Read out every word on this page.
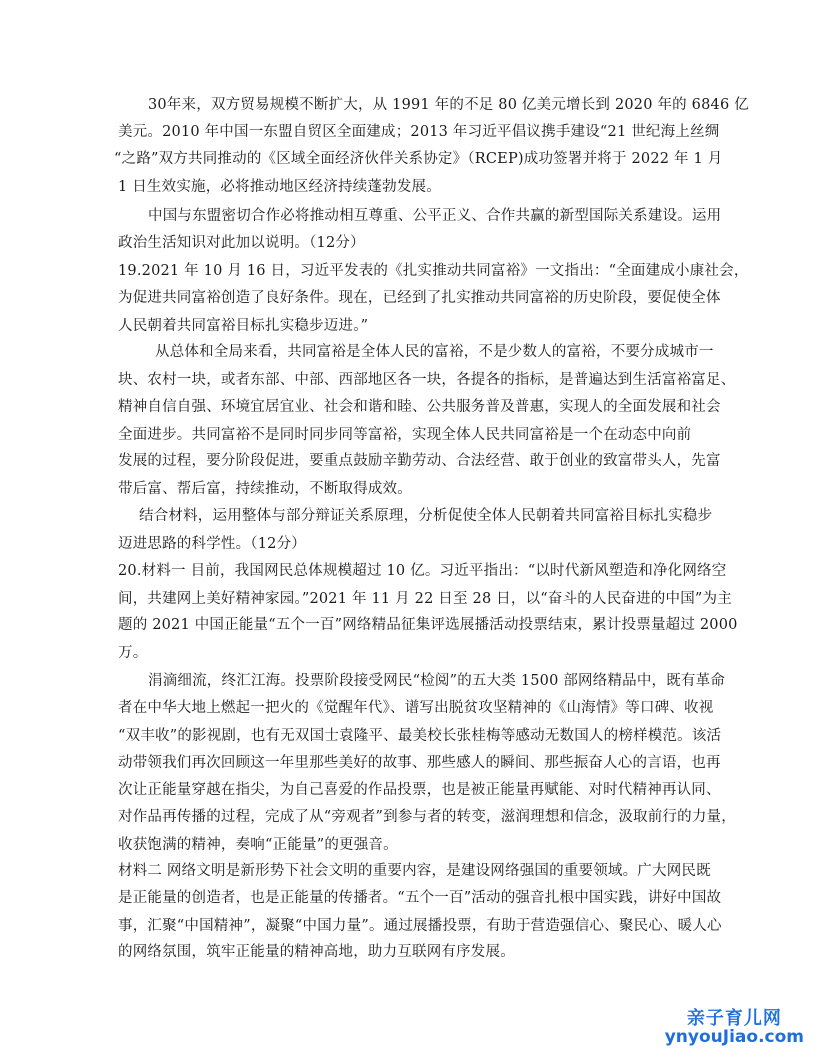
30年来，双方贸易规模不断扩大，从 1991 年的不足 80 亿美元增长到 2020 年的 6846 亿
美元。2010 年中国一东盟自贸区全面建成；2013 年习近平倡议携手建设“21 世纪海上丝绸
“之路”双方共同推动的《区域全面经济伙伴关系协定》（RCEP)成功签署并将于 2022 年 1 月
1 日生效实施，必将推动地区经济持续蓬勃发展。
中国与东盟密切合作必将推动相互尊重、公平正义、合作共赢的新型国际关系建设。运用
政治生活知识对此加以说明。（12分）
19.2021 年 10 月 16 日，习近平发表的《扎实推动共同富裕》一文指出：“全面建成小康社会，
为促进共同富裕创造了良好条件。现在，已经到了扎实推动共同富裕的历史阶段，要促使全体
人民朝着共同富裕目标扎实稳步迈进。”
从总体和全局来看，共同富裕是全体人民的富裕，不是少数人的富裕，不要分成城市一
块、农村一块，或者东部、中部、西部地区各一块，各提各的指标，是普遍达到生活富裕富足、
精神自信自强、环境宜居宜业、社会和谐和睦、公共服务普及普惠，实现人的全面发展和社会
全面进步。共同富裕不是同时同步同等富裕，实现全体人民共同富裕是一个在动态中向前
发展的过程，要分阶段促进，要重点鼓励辛勤劳动、合法经营、敢于创业的致富带头人，先富
带后富、帮后富，持续推动，不断取得成效。
结合材料，运用整体与部分辩证关系原理，分析促使全体人民朝着共同富裕目标扎实稳步
迈进思路的科学性。（12分）
20.材料一 目前，我国网民总体规模超过 10 亿。习近平指出：“以时代新风塑造和净化网络空
间，共建网上美好精神家园。”2021 年 11 月 22 日至 28 日，以“奋斗的人民奋进的中国”为主
题的 2021 中国正能量“五个一百”网络精品征集评选展播活动投票结束，累计投票量超过 2000
万。
涓滴细流，终汇江海。投票阶段接受网民“检阅”的五大类 1500 部网络精品中，既有革命
者在中华大地上燃起一把火的《觉醒年代》、谱写出脱贫攻坚精神的《山海情》等口碑、收视
“双丰收”的影视剧，也有无双国士袁隆平、最美校长张桂梅等感动无数国人的榜样模范。该活
动带领我们再次回顾这一年里那些美好的故事、那些感人的瞬间、那些振奋人心的言语，也再
次让正能量穿越在指尖，为自己喜爱的作品投票，也是被正能量再赋能、对时代精神再认同、
对作品再传播的过程，完成了从“旁观者”到参与者的转变，滋润理想和信念，汲取前行的力量，
收获饱满的精神，奏响“正能量”的更强音。
材料二 网络文明是新形势下社会文明的重要内容，是建设网络强国的重要领域。广大网民既
是正能量的创造者，也是正能量的传播者。“五个一百”活动的强音扎根中国实践，讲好中国故
事，汇聚“中国精神”，凝聚“中国力量”。通过展播投票，有助于营造强信心、聚民心、暖人心
的网络氛围，筑牢正能量的精神高地，助力互联网有序发展。
亲子育儿网
ynyouJiao.com
